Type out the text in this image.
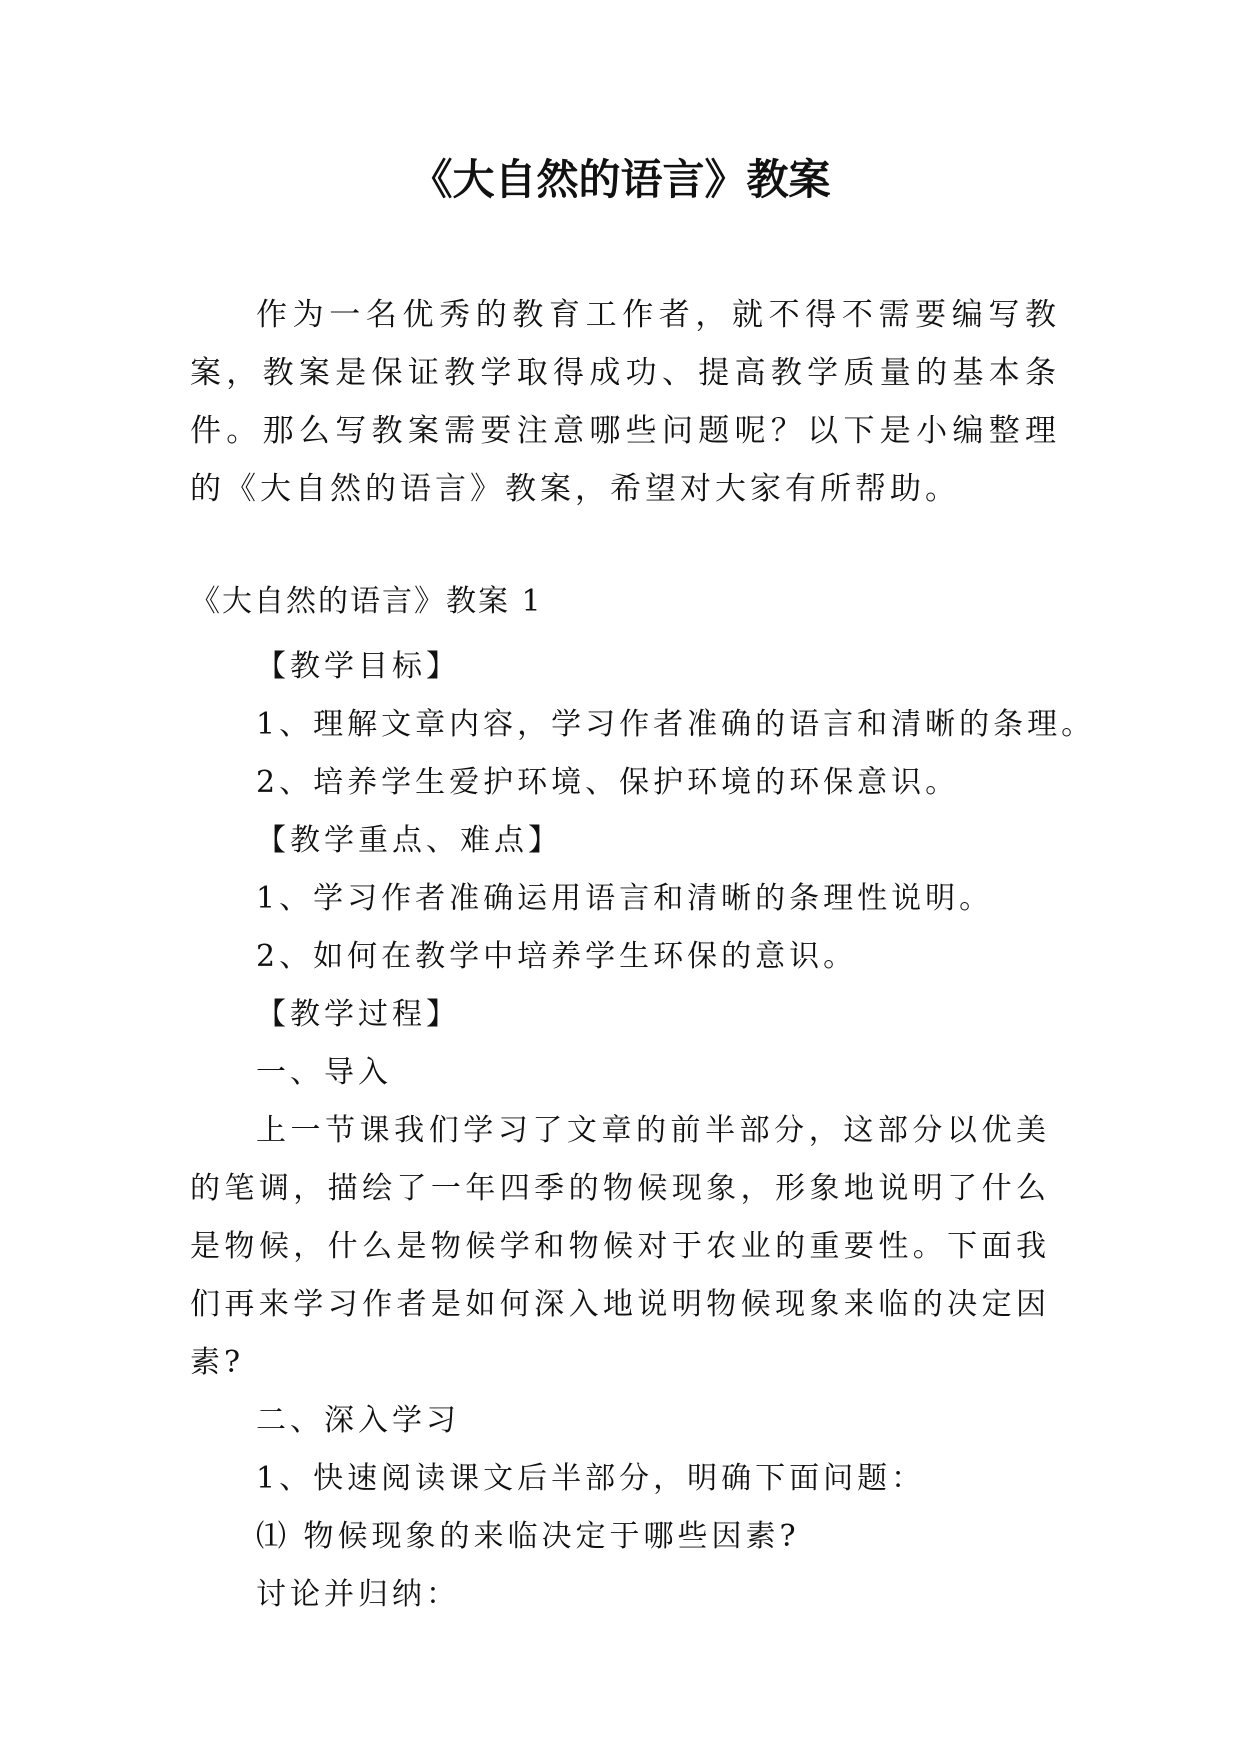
《大自然的语言》教案

作为一名优秀的教育工作者，就不得不需要编写教案，教案是保证教学取得成功、提高教学质量的基本条件。那么写教案需要注意哪些问题呢？以下是小编整理的《大自然的语言》教案，希望对大家有所帮助。

《大自然的语言》教案 1

【教学目标】

1、理解文章内容，学习作者准确的语言和清晰的条理。

2、培养学生爱护环境、保护环境的环保意识。

【教学重点、难点】

1、学习作者准确运用语言和清晰的条理性说明。

2、如何在教学中培养学生环保的意识。

【教学过程】

一、导入

上一节课我们学习了文章的前半部分，这部分以优美的笔调，描绘了一年四季的物候现象，形象地说明了什么是物候，什么是物候学和物候对于农业的重要性。下面我们再来学习作者是如何深入地说明物候现象来临的决定因素?

二、深入学习

1、快速阅读课文后半部分，明确下面问题：

⑴ 物候现象的来临决定于哪些因素?

讨论并归纳：
